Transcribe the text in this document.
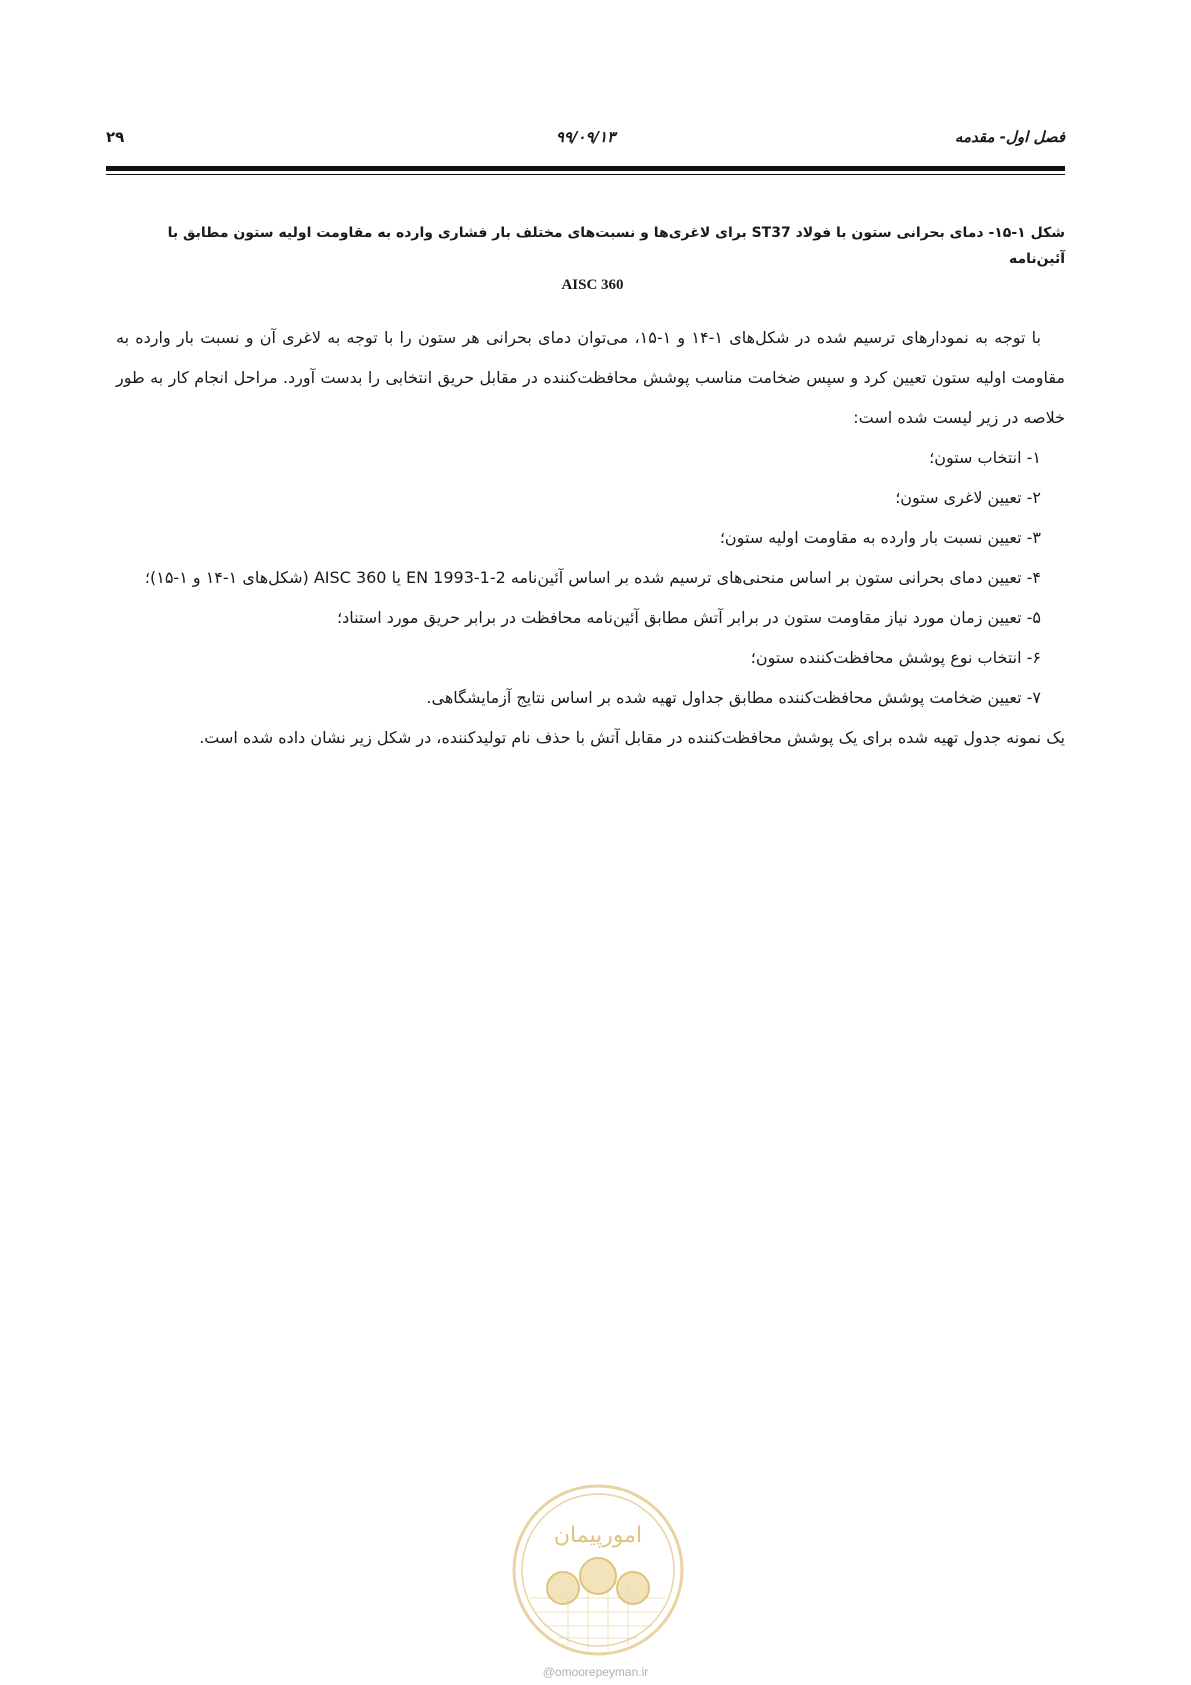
فصل اول- مقدمه
۹۹/۰۹/۱۳
۲۹
شکل ۱-۱۵- دمای بحرانی ستون با فولاد ST37 برای لاغری‌ها و نسبت‌های مختلف بار فشاری وارده به مقاومت اولیه ستون مطابق با آئین‌نامه
AISC 360

با توجه به نمودارهای ترسیم شده در شکل‌های ۱-۱۴ و ۱-۱۵، می‌توان دمای بحرانی هر ستون را با توجه به لاغری آن و نسبت بار وارده به مقاومت اولیه ستون تعیین کرد و سپس ضخامت مناسب پوشش محافظت‌کننده در مقابل حریق انتخابی را بدست آورد. مراحل انجام کار به طور خلاصه در زیر لیست شده است:

۱- انتخاب ستون؛

۲- تعیین لاغری ستون؛

۳- تعیین نسبت بار وارده به مقاومت اولیه ستون؛

۴- تعیین دمای بحرانی ستون بر اساس منحنی‌های ترسیم شده بر اساس آئین‌نامه EN 1993-1-2 یا AISC 360 (شکل‌های ۱-۱۴ و ۱-۱۵)؛

۵- تعیین زمان مورد نیاز مقاومت ستون در برابر آتش مطابق آئین‌نامه محافظت در برابر حریق مورد استناد؛

۶- انتخاب نوع پوشش محافظت‌کننده ستون؛

۷- تعیین ضخامت پوشش محافظت‌کننده مطابق جداول تهیه شده بر اساس نتایج آزمایشگاهی.

یک نمونه جدول تهیه شده برای یک پوشش محافظت‌کننده در مقابل آتش با حذف نام تولیدکننده، در شکل زیر نشان داده شده است.

امورپیمان
@omoorepeyman.ir
